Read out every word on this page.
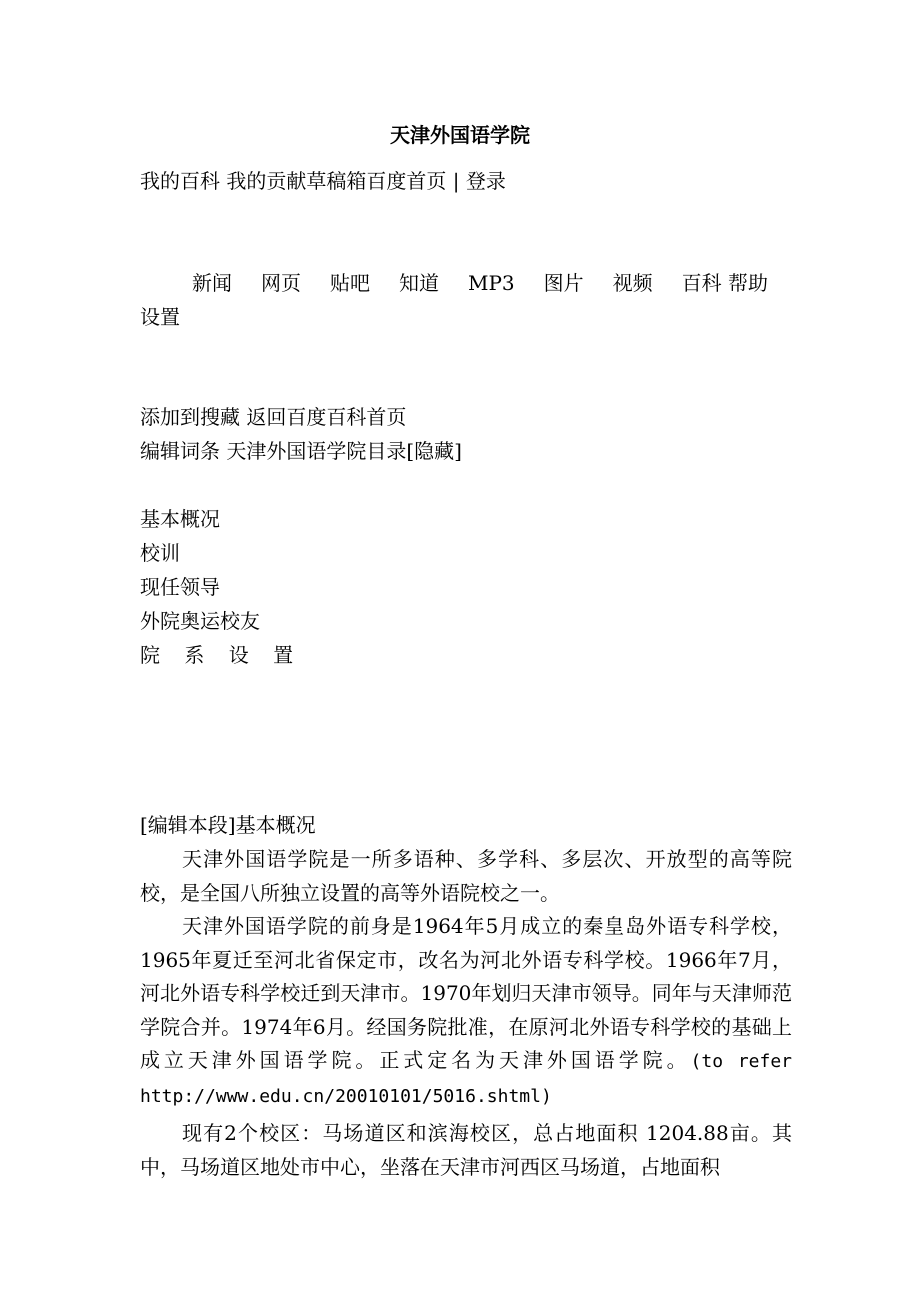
天津外国语学院
我的百科 我的贡献草稿箱百度首页 | 登录
新闻 网页 贴吧 知道 MP3 图片 视频 百科 帮助设置
添加到搜藏 返回百度百科首页
编辑词条 天津外国语学院目录[隐藏]
基本概况
校训
现任领导
外院奥运校友
院 系 设 置
[编辑本段]基本概况
天津外国语学院是一所多语种、多学科、多层次、开放型的高等院校，是全国八所独立设置的高等外语院校之一。
天津外国语学院的前身是1964年5月成立的秦皇岛外语专科学校，1965年夏迁至河北省保定市，改名为河北外语专科学校。1966年7月，河北外语专科学校迁到天津市。1970年划归天津市领导。同年与天津师范学院合并。1974年6月。经国务院批准，在原河北外语专科学校的基础上成立天津外国语学院。正式定名为天津外国语学院。(to refer http://www.edu.cn/20010101/5016.shtml)
现有2个校区：马场道区和滨海校区，总占地面积 1204.88亩。其中，马场道区地处市中心，坐落在天津市河西区马场道，占地面积
